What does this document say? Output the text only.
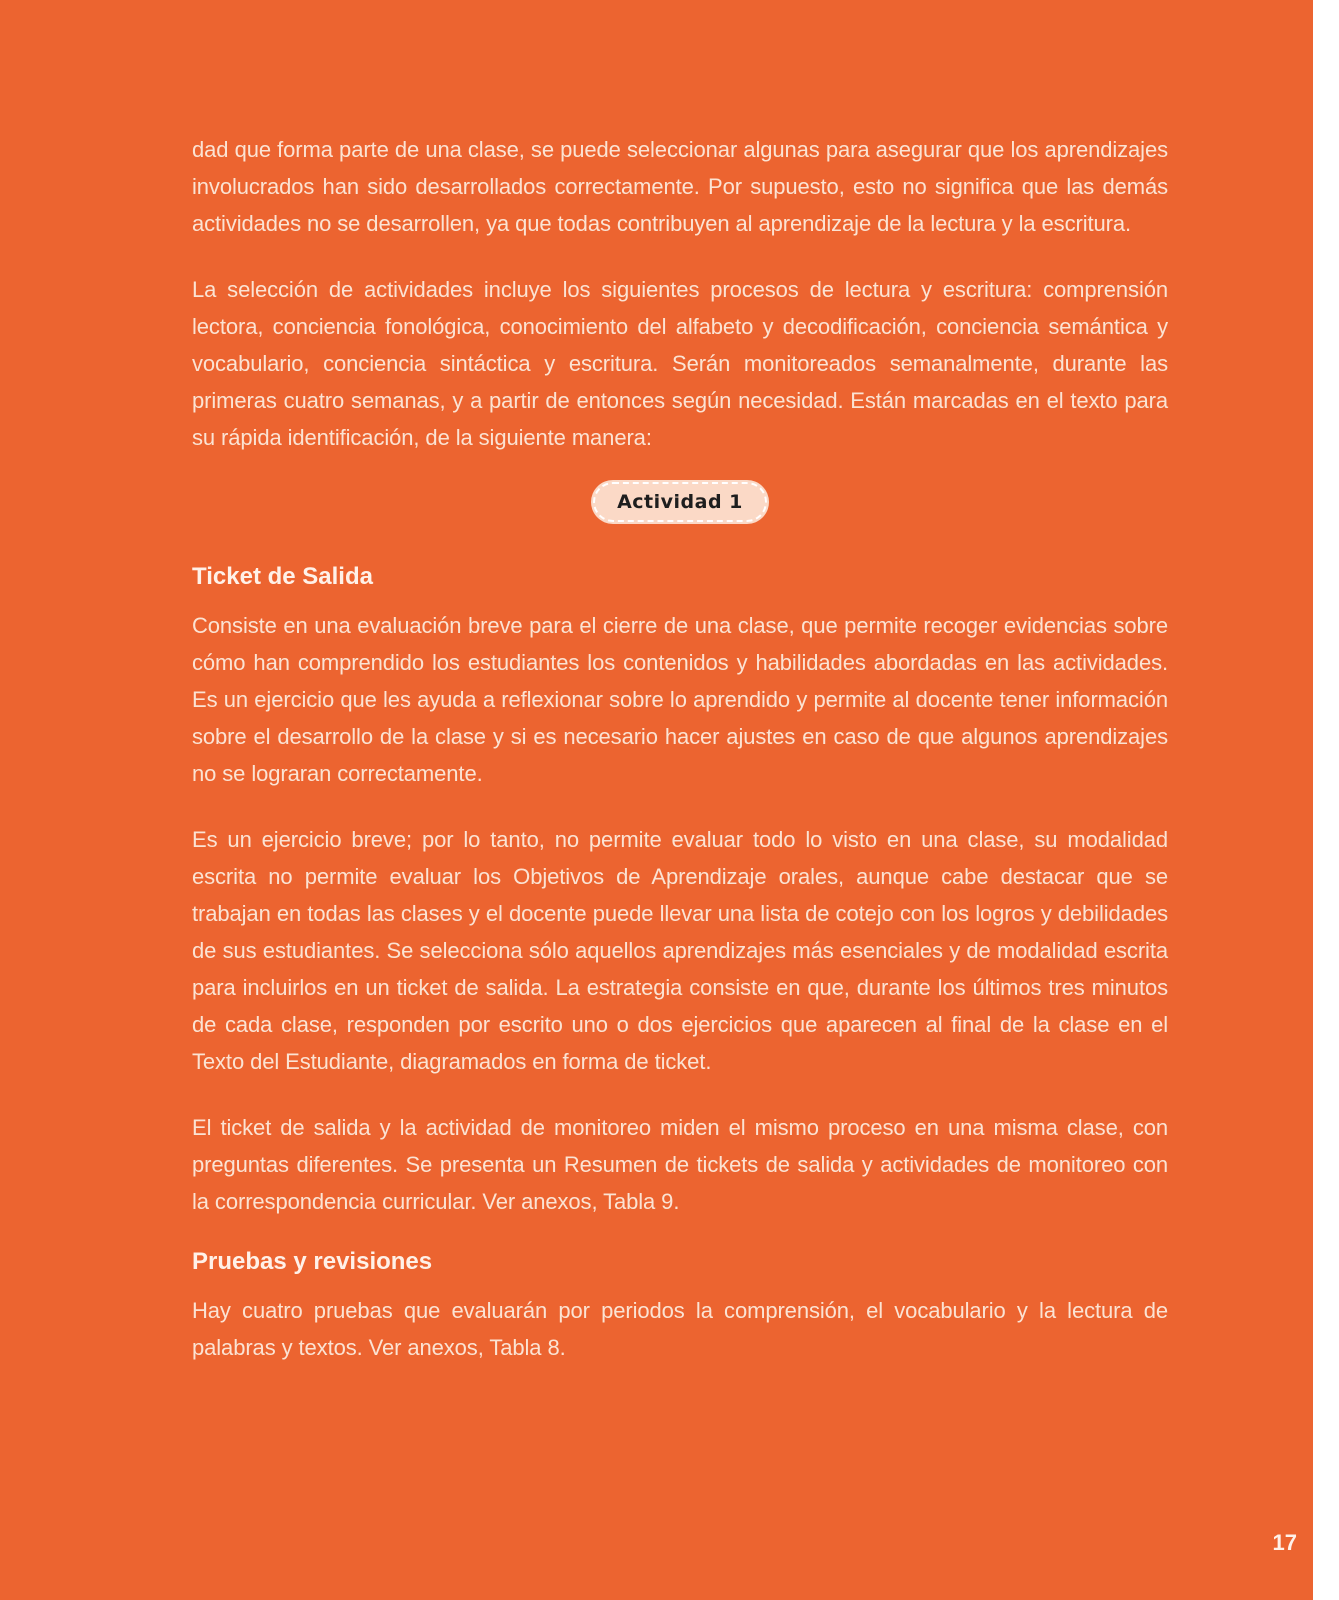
dad que forma parte de una clase, se puede seleccionar algunas para asegurar que los aprendizajes involucrados han sido desarrollados correctamente. Por supuesto, esto no significa que las demás actividades no se desarrollen, ya que todas contribuyen al aprendizaje de la lectura y la escritura.

La selección de actividades incluye los siguientes procesos de lectura y escritura: comprensión lectora, conciencia fonológica, conocimiento del alfabeto y decodificación, conciencia semántica y vocabulario, conciencia sintáctica y escritura. Serán monitoreados semanalmente, durante las primeras cuatro semanas, y a partir de entonces según necesidad. Están marcadas en el texto para su rápida identificación, de la siguiente manera:

Actividad 1
Ticket de Salida

Consiste en una evaluación breve para el cierre de una clase, que permite recoger evidencias sobre cómo han comprendido los estudiantes los contenidos y habilidades abordadas en las actividades. Es un ejercicio que les ayuda a reflexionar sobre lo aprendido y permite al docente tener información sobre el desarrollo de la clase y si es necesario hacer ajustes en caso de que algunos aprendizajes no se lograran correctamente.

Es un ejercicio breve; por lo tanto, no permite evaluar todo lo visto en una clase, su modalidad escrita no permite evaluar los Objetivos de Aprendizaje orales, aunque cabe destacar que se trabajan en todas las clases y el docente puede llevar una lista de cotejo con los logros y debilidades de sus estudiantes. Se selecciona sólo aquellos aprendizajes más esenciales y de modalidad escrita para incluirlos en un ticket de salida. La estrategia consiste en que, durante los últimos tres minutos de cada clase, responden por escrito uno o dos ejercicios que aparecen al final de la clase en el Texto del Estudiante, diagramados en forma de ticket.

El ticket de salida y la actividad de monitoreo miden el mismo proceso en una misma clase, con preguntas diferentes. Se presenta un Resumen de tickets de salida y actividades de monitoreo con la correspondencia curricular. Ver anexos, Tabla 9.

Pruebas y revisiones

Hay cuatro pruebas que evaluarán por periodos la comprensión, el vocabulario y la lectura de palabras y textos. Ver anexos, Tabla 8.

17
